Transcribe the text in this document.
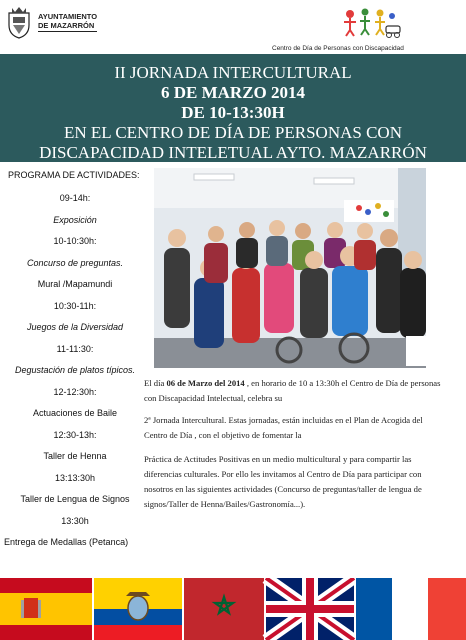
AYUNTAMIENTO
DE MAZARRÓN
Centro de Día de Personas con Discapacidad
II JORNADA INTERCULTURAL
6 DE MARZO 2014
DE 10-13:30H
EN EL CENTRO DE DÍA DE PERSONAS CON
DISCAPACIDAD INTELETUAL AYTO. MAZARRÓN
PROGRAMA DE ACTIVIDADES:
09-14h:
Exposición
10-10:30h:
Concurso de preguntas.
Mural /Mapamundi
10:30-11h:
Juegos de la Diversidad
11-11:30:
Degustación de platos típicos.
12-12:30h:
Actuaciones de Baile
12:30-13h:
Taller de Henna
13:13:30h
Taller de Lengua de Signos
13:30h
Entrega de Medallas (Petanca)

El día 06 de Marzo del 2014 , en horario de 10 a 13:30h el Centro de Día de personas con Discapacidad Intelectual, celebra su

2ª Jornada Intercultural. Estas jornadas, están incluidas en el Plan de Acogida del Centro de Día , con el objetivo de fomentar la

Práctica de Actitudes Positivas en un medio multicultural y para compartir las diferencias culturales. Por ello les invitamos al Centro de Día para participar con nosotros en las siguientes actividades (Concurso de preguntas/taller de lengua de signos/Taller de Henna/Bailes/Gastronomía...).
